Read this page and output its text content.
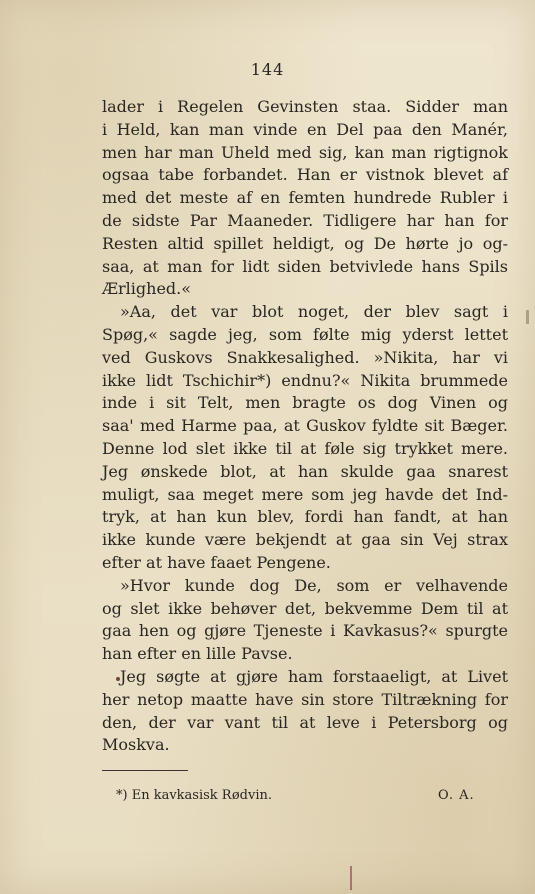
144
lader i Regelen Gevinsten staa. Sidder man
i Held, kan man vinde en Del paa den Manér,
men har man Uheld med sig, kan man rigtignok
ogsaa tabe forbandet. Han er vistnok blevet af
med det meste af en femten hundrede Rubler i
de sidste Par Maaneder. Tidligere har han for
Resten altid spillet heldigt, og De hørte jo og-
saa, at man for lidt siden betvivlede hans Spils
Ærlighed.«
»Aa, det var blot noget, der blev sagt i
Spøg,« sagde jeg, som følte mig yderst lettet
ved Guskovs Snakkesalighed. »Nikita, har vi
ikke lidt Tschichir*) endnu?« Nikita brummede
inde i sit Telt, men bragte os dog Vinen og
saa' med Harme paa, at Guskov fyldte sit Bæger.
Denne lod slet ikke til at føle sig trykket mere.
Jeg ønskede blot, at han skulde gaa snarest
muligt, saa meget mere som jeg havde det Ind-
tryk, at han kun blev, fordi han fandt, at han
ikke kunde være bekjendt at gaa sin Vej strax
efter at have faaet Pengene.
»Hvor kunde dog De, som er velhavende
og slet ikke behøver det, bekvemme Dem til at
gaa hen og gjøre Tjeneste i Kavkasus?« spurgte
han efter en lille Pavse.
Jeg søgte at gjøre ham forstaaeligt, at Livet
her netop maatte have sin store Tiltrækning for
den, der var vant til at leve i Petersborg og
Moskva.
*) En kavkasisk Rødvin.	O. A.
